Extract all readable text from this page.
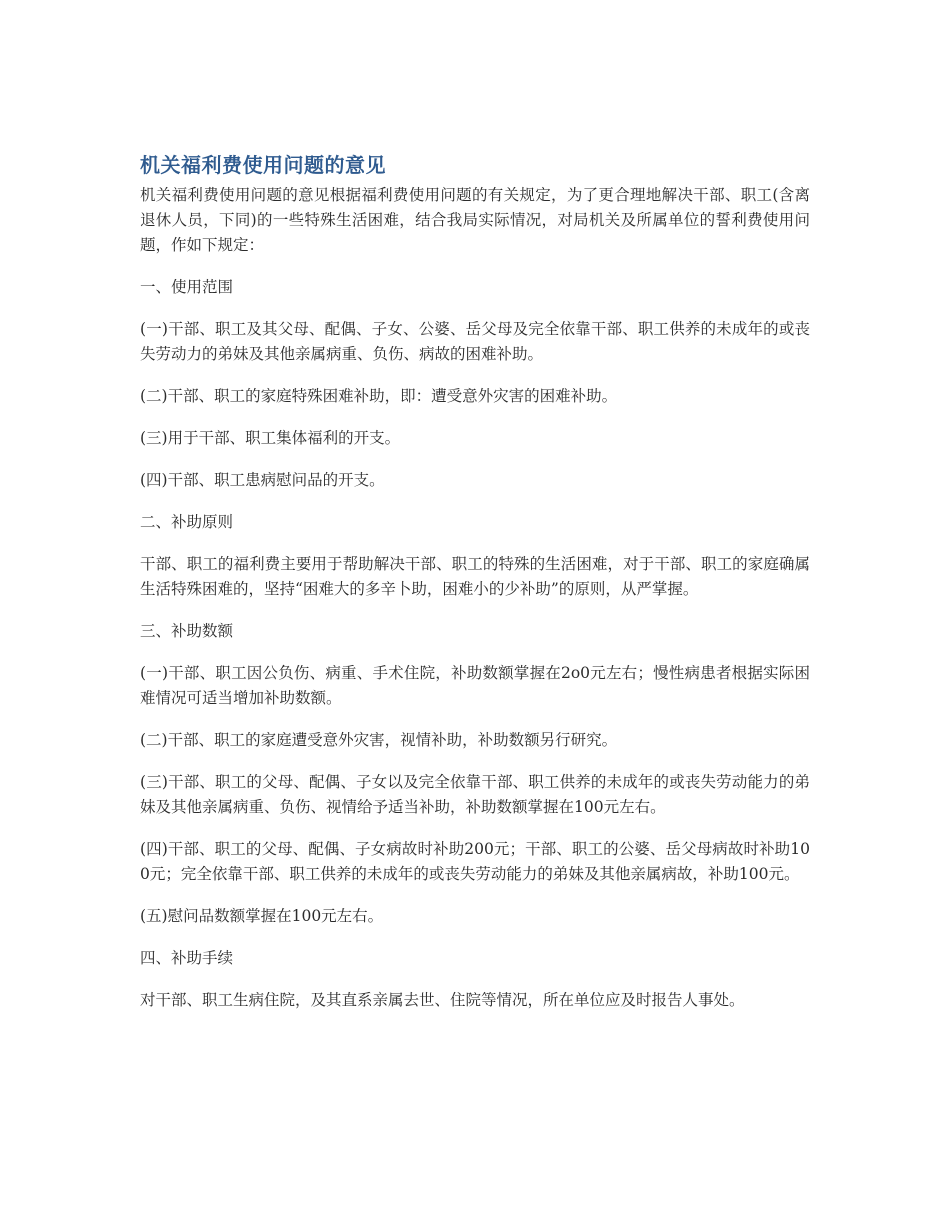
机关福利费使用问题的意见

机关福利费使用问题的意见根据福利费使用问题的有关规定，为了更合理地解决干部、职工(含离退休人员，下同)的一些特殊生活困难，结合我局实际情况，对局机关及所属单位的誓利费使用问题，作如下规定：

一、使用范围

(一)干部、职工及其父母、配偶、子女、公婆、岳父母及完全依靠干部、职工供养的未成年的或丧失劳动力的弟妹及其他亲属病重、负伤、病故的困难补助。

(二)干部、职工的家庭特殊困难补助，即：遭受意外灾害的困难补助。

(三)用于干部、职工集体福利的开支。

(四)干部、职工患病慰问品的开支。

二、补助原则

干部、职工的福利费主要用于帮助解决干部、职工的特殊的生活困难，对于干部、职工的家庭确属生活特殊困难的，坚持“困难大的多辛卜助，困难小的少补助”的原则，从严掌握。

三、补助数额

(一)干部、职工因公负伤、病重、手术住院，补助数额掌握在2o0元左右；慢性病患者根据实际困难情况可适当增加补助数额。

(二)干部、职工的家庭遭受意外灾害，视情补助，补助数额另行研究。

(三)干部、职工的父母、配偶、子女以及完全依靠干部、职工供养的未成年的或丧失劳动能力的弟妹及其他亲属病重、负伤、视情给予适当补助，补助数额掌握在100元左右。

(四)干部、职工的父母、配偶、子女病故时补助200元；干部、职工的公婆、岳父母病故时补助100元；完全依靠干部、职工供养的未成年的或丧失劳动能力的弟妹及其他亲属病故，补助100元。

(五)慰问品数额掌握在100元左右。

四、补助手续

对干部、职工生病住院，及其直系亲属去世、住院等情况，所在单位应及时报告人事处。
